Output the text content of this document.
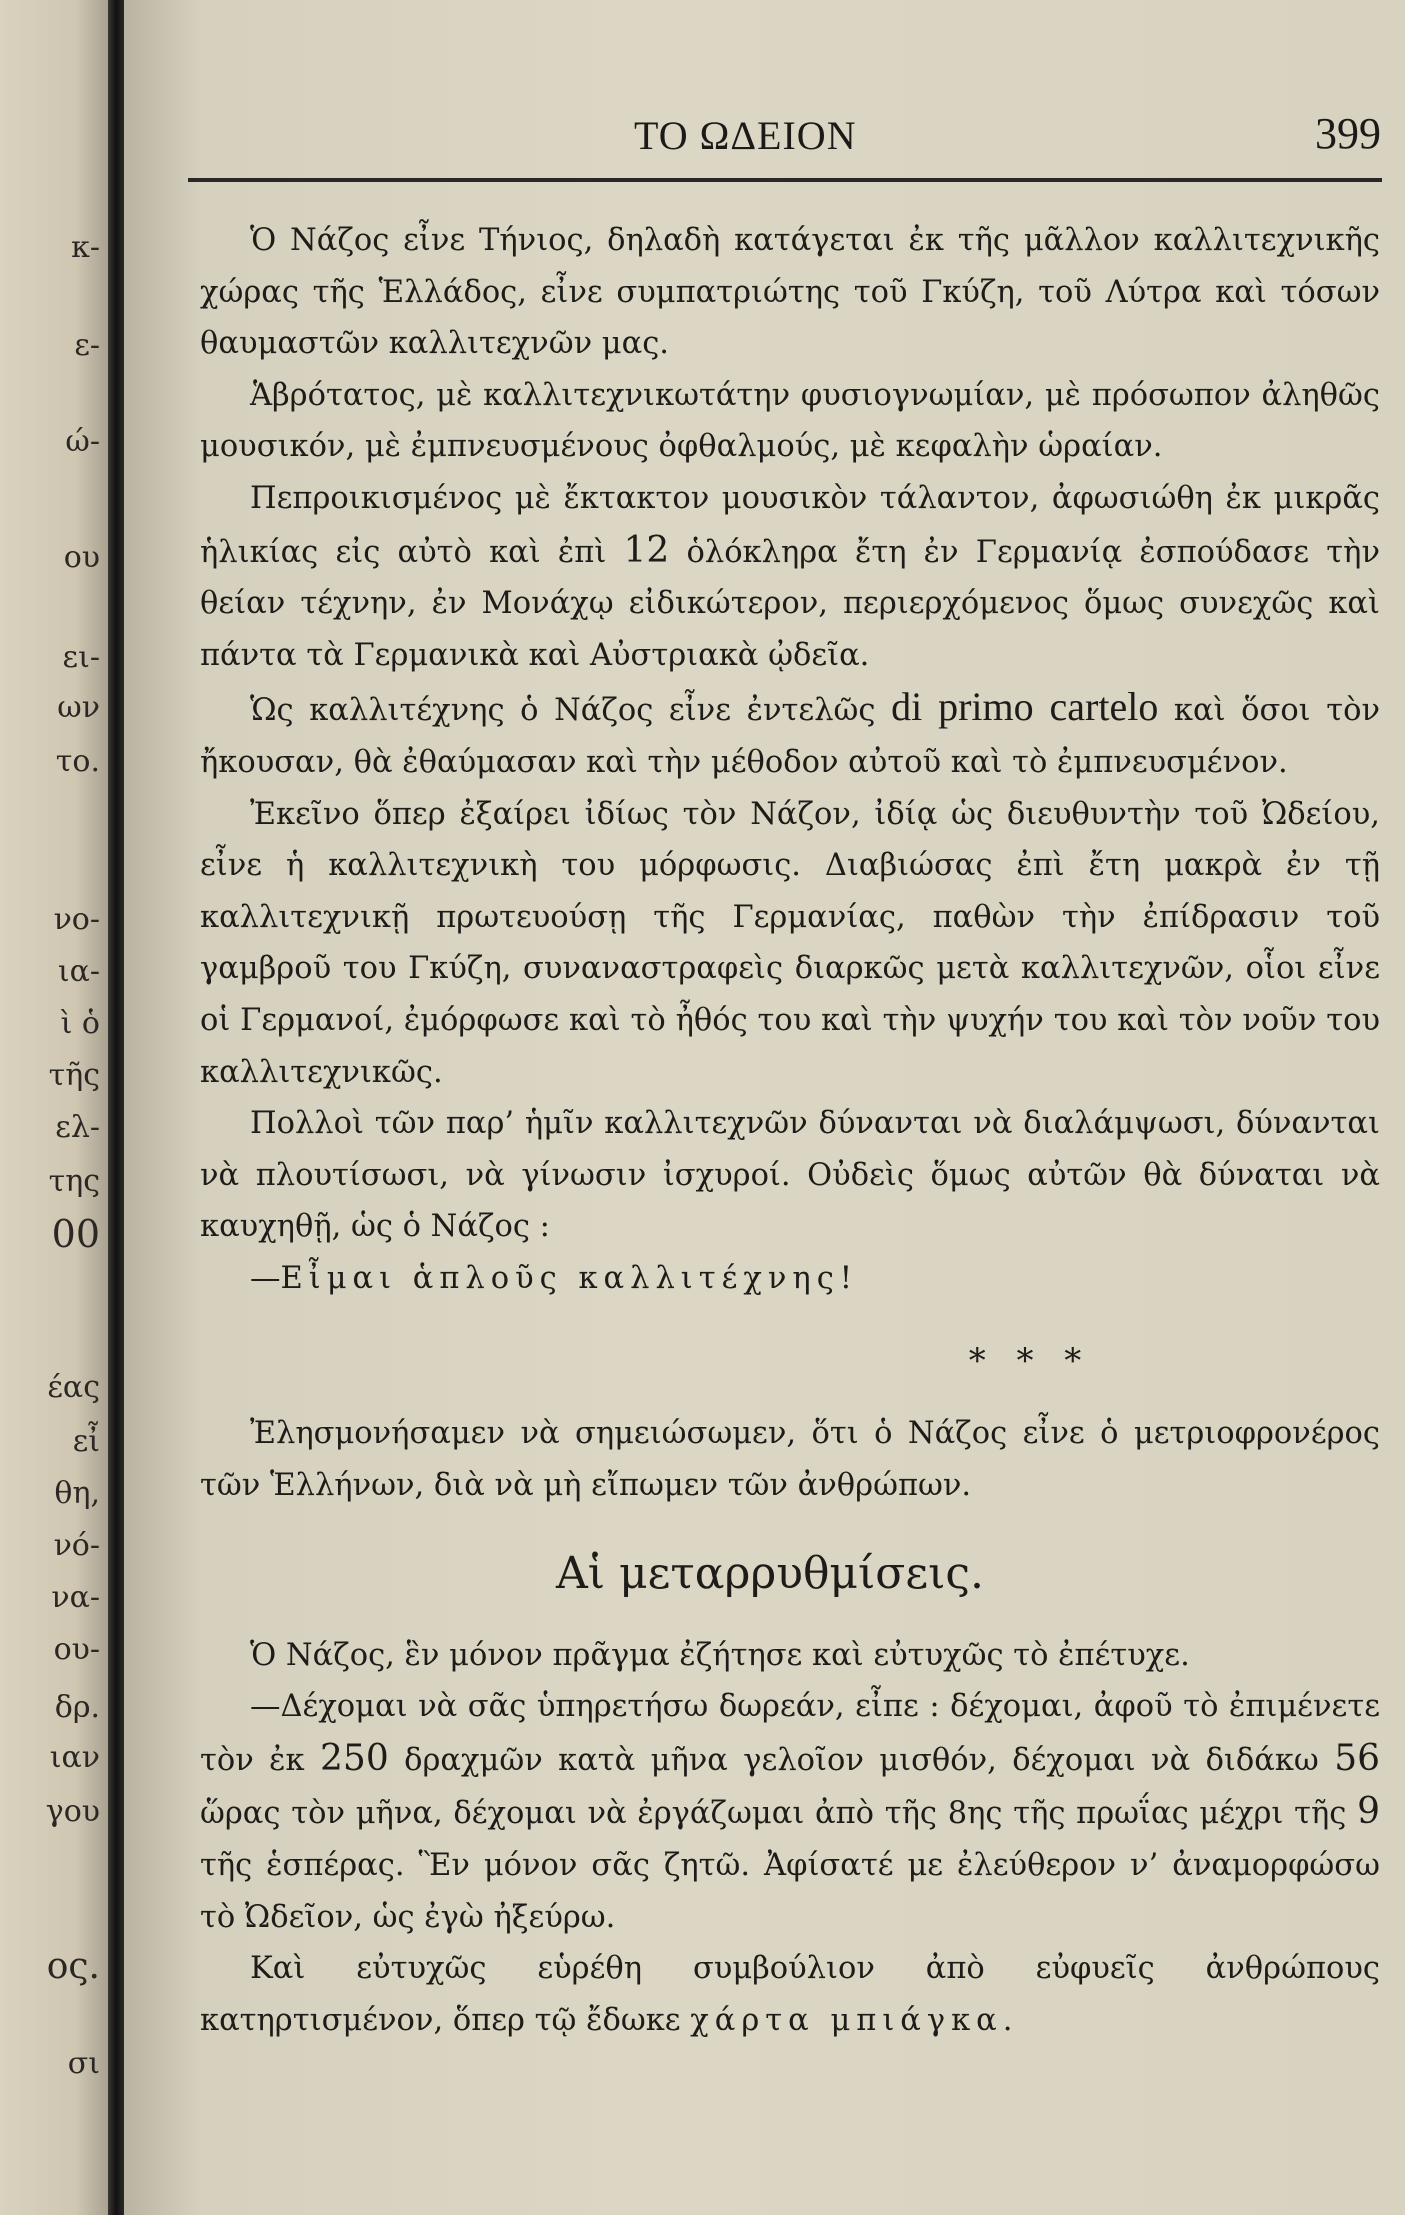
κ-
ε-
ώ-
ου
ει-
ων
το.
νο-
ια-
ὶ ὁ
τῆς
ελ-
της
00
έας
εἶ
θη,
νό-
να-
ου-
δρ.
ιαν
γου
ος.
σι
ΤΟ ΩΔΕΙΟΝ	399

Ὁ Νάζος εἶνε Τήνιος, δηλαδὴ κατάγεται ἐκ τῆς μᾶλλον καλλιτεχνικῆς χώρας τῆς Ἑλλάδος, εἶνε συμπατριώτης τοῦ Γκύζη, τοῦ Λύτρα καὶ τόσων θαυμαστῶν καλλιτεχνῶν μας.

Ἁβρότατος, μὲ καλλιτεχνικωτάτην φυσιογνωμίαν, μὲ πρόσωπον ἀληθῶς μουσικόν, μὲ ἐμπνευσμένους ὀφθαλμούς, μὲ κεφαλὴν ὡραίαν.

Πεπροικισμένος μὲ ἔκτακτον μουσικὸν τάλαντον, ἀφωσιώθη ἐκ μικρᾶς ἡλικίας εἰς αὐτὸ καὶ ἐπὶ 12 ὁλόκληρα ἔτη ἐν Γερμανίᾳ ἐσπούδασε τὴν θείαν τέχνην, ἐν Μονάχῳ εἰδικώτερον, περιερχόμενος ὅμως συνεχῶς καὶ πάντα τὰ Γερμανικὰ καὶ Αὐστριακὰ ᾠδεῖα.

Ὡς καλλιτέχνης ὁ Νάζος εἶνε ἐντελῶς di primo cartelo καὶ ὅσοι τὸν ἤκουσαν, θὰ ἐθαύμασαν καὶ τὴν μέθοδον αὐτοῦ καὶ τὸ ἐμπνευσμένον.

Ἐκεῖνο ὅπερ ἐξαίρει ἰδίως τὸν Νάζον, ἰδίᾳ ὡς διευθυντὴν τοῦ Ὠδείου, εἶνε ἡ καλλιτεχνικὴ του μόρφωσις. Διαβιώσας ἐπὶ ἔτη μακρὰ ἐν τῇ καλλιτεχνικῇ πρωτευούσῃ τῆς Γερμανίας, παθὼν τὴν ἐπίδρασιν τοῦ γαμβροῦ του Γκύζη, συναναστραφεὶς διαρκῶς μετὰ καλλιτεχνῶν, οἷοι εἶνε οἱ Γερμανοί, ἐμόρφωσε καὶ τὸ ἦθός του καὶ τὴν ψυχήν του καὶ τὸν νοῦν του καλλιτεχνικῶς.

Πολλοὶ τῶν παρ’ ἡμῖν καλλιτεχνῶν δύνανται νὰ διαλάμψωσι, δύνανται νὰ πλουτίσωσι, νὰ γίνωσιν ἰσχυροί. Οὐδεὶς ὅμως αὐτῶν θὰ δύναται νὰ καυχηθῇ, ὡς ὁ Νάζος :

—Εἶμαι ἁπλοῦς καλλιτέχνης!

* * *

Ἐλησμονήσαμεν νὰ σημειώσωμεν, ὅτι ὁ Νάζος εἶνε ὁ μετριοφρονέρος τῶν Ἑλλήνων, διὰ νὰ μὴ εἴπωμεν τῶν ἀνθρώπων.

Αἱ μεταρρυθμίσεις.

Ὁ Νάζος, ἓν μόνον πρᾶγμα ἐζήτησε καὶ εὐτυχῶς τὸ ἐπέτυχε.

—Δέχομαι νὰ σᾶς ὑπηρετήσω δωρεάν, εἶπε : δέχομαι, ἀφοῦ τὸ ἐπιμένετε τὸν ἐκ 250 δραχμῶν κατὰ μῆνα γελοῖον μισθόν, δέχομαι νὰ διδάκω 56 ὥρας τὸν μῆνα, δέχομαι νὰ ἐργάζωμαι ἀπὸ τῆς 8ης τῆς πρωΐας μέχρι τῆς 9 τῆς ἑσπέρας. Ἓν μόνον σᾶς ζητῶ. Ἀφίσατέ με ἐλεύθερον ν’ ἀναμορφώσω τὸ Ὠδεῖον, ὡς ἐγὼ ἠξεύρω.

Καὶ εὐτυχῶς εὑρέθη συμβούλιον ἀπὸ εὐφυεῖς ἀνθρώπους κατηρτισμένον, ὅπερ τῷ ἔδωκε χάρτα μπιάγκα.
